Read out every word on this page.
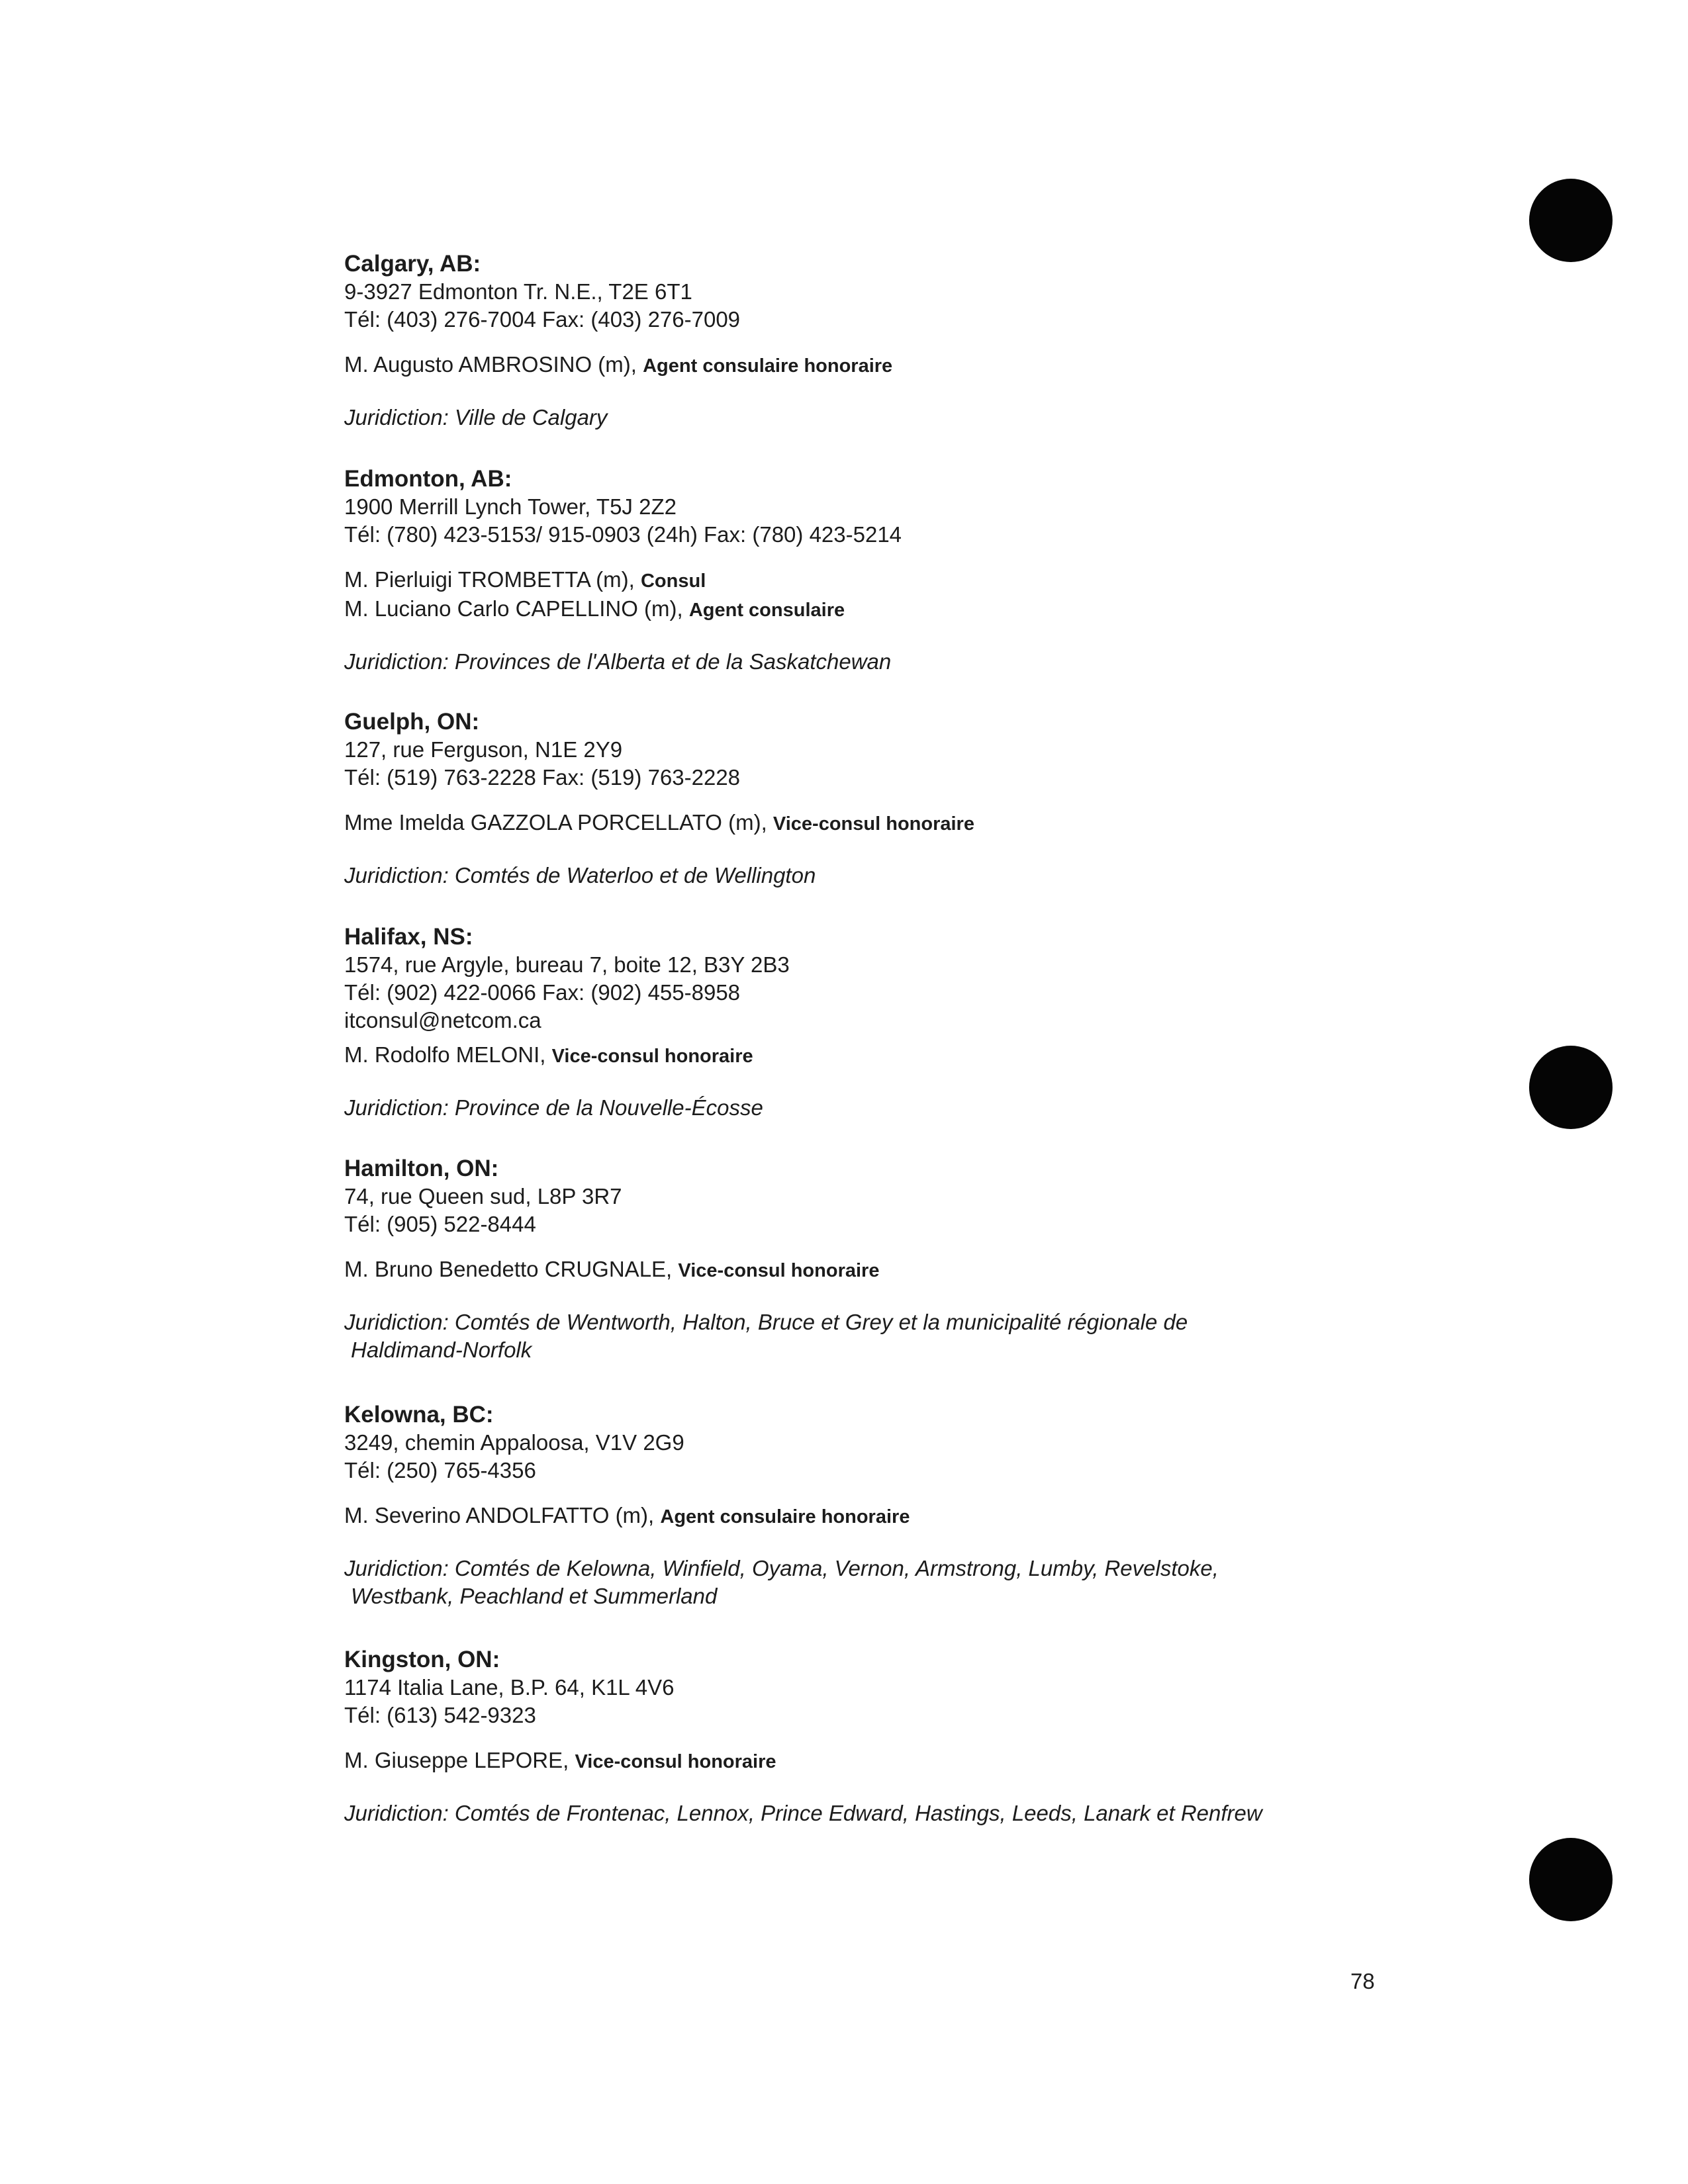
Calgary, AB:
9-3927 Edmonton Tr. N.E., T2E 6T1
Tél: (403) 276-7004 Fax: (403) 276-7009
M. Augusto AMBROSINO (m), Agent consulaire honoraire
Juridiction: Ville de Calgary
Edmonton, AB:
1900 Merrill Lynch Tower, T5J 2Z2
Tél: (780) 423-5153/ 915-0903 (24h) Fax: (780) 423-5214
M. Pierluigi TROMBETTA (m), Consul
M. Luciano Carlo CAPELLINO (m), Agent consulaire
Juridiction: Provinces de l'Alberta et de la Saskatchewan
Guelph, ON:
127, rue Ferguson, N1E 2Y9
Tél: (519) 763-2228 Fax: (519) 763-2228
Mme Imelda GAZZOLA PORCELLATO (m), Vice-consul honoraire
Juridiction: Comtés de Waterloo et de Wellington
Halifax, NS:
1574, rue Argyle, bureau 7, boite 12, B3Y 2B3
Tél: (902) 422-0066 Fax: (902) 455-8958
itconsul@netcom.ca
M. Rodolfo MELONI, Vice-consul honoraire
Juridiction: Province de la Nouvelle-Écosse
Hamilton, ON:
74, rue Queen sud, L8P 3R7
Tél: (905) 522-8444
M. Bruno Benedetto CRUGNALE, Vice-consul honoraire
Juridiction: Comtés de Wentworth, Halton, Bruce et Grey et la municipalité régionale de
Haldimand-Norfolk
Kelowna, BC:
3249, chemin Appaloosa, V1V 2G9
Tél: (250) 765-4356
M. Severino ANDOLFATTO (m), Agent consulaire honoraire
Juridiction: Comtés de Kelowna, Winfield, Oyama, Vernon, Armstrong, Lumby, Revelstoke,
Westbank, Peachland et Summerland
Kingston, ON:
1174 Italia Lane, B.P. 64, K1L 4V6
Tél: (613) 542-9323
M. Giuseppe LEPORE, Vice-consul honoraire
Juridiction: Comtés de Frontenac, Lennox, Prince Edward, Hastings, Leeds, Lanark et Renfrew
78
